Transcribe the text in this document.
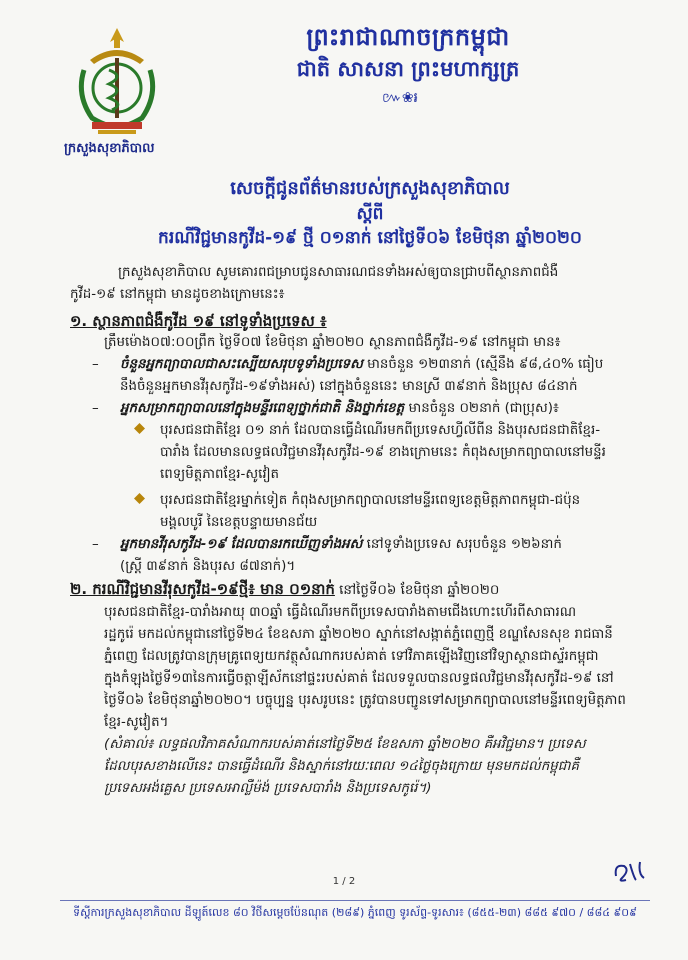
ក្រសួងសុខាភិបាល
ព្រះរាជាណាចក្រកម្ពុជា
ជាតិ សាសនា ព្រះមហាក្សត្រ
៚❀៛
សេចក្តីជូនព័ត៌មានរបស់ក្រសួងសុខាភិបាល
ស្តីពី
ករណីវិជ្ជមានកូវីដ-១៩ ថ្មី ០១នាក់ នៅថ្ងៃទី០៦ ខែមិថុនា ឆ្នាំ២០២០

ក្រសួងសុខាភិបាល សូមគោរពជម្រាបជូនសាធារណជនទាំងអស់ឲ្យបានជ្រាបពីស្ថានភាពជំងឺ

កូវីដ-១៩ នៅកម្ពុជា មានដូចខាងក្រោមនេះ៖

១. ស្ថានភាពជំងឺកូវីដ ១៩ នៅទូទាំងប្រទេស ៖

ត្រឹមម៉ោង០៧:០០ព្រឹក ថ្ងៃទី០៧ ខែមិថុនា ឆ្នាំ២០២០ ស្ថានភាពជំងឺកូវីដ-១៩ នៅកម្ពុជា មាន៖

– ចំនួនអ្នកព្យាបាលជាសះស្បើយសរុបទូទាំងប្រទេស មានចំនួន ១២៣នាក់ (ស្មើនឹង ៩៨,៤០% ធៀប
នឹងចំនួនអ្នកមានវីរុសកូវីដ-១៩ទាំងអស់) នៅក្នុងចំនួននេះ មានស្រី ៣៩នាក់ និងប្រុស ៨៤នាក់
– អ្នកសម្រាកព្យាបាលនៅក្នុងមន្ទីរពេទ្យថ្នាក់ជាតិ និងថ្នាក់ខេត្ត មានចំនួន ០២នាក់ (ជាប្រុស)៖
បុរសជនជាតិខ្មែរ ០១ នាក់ ដែលបានធ្វើដំណើរមកពីប្រទេសហ្វីលីពីន និងបុរសជនជាតិខ្មែរ-
បារាំង ដែលមានលទ្ធផលវិជ្ជមានវីរុសកូវីដ-១៩ ខាងក្រោមនេះ កំពុងសម្រាកព្យាបាលនៅមន្ទីរ
ពេទ្យមិត្តភាពខ្មែរ-សូវៀត
បុរសជនជាតិខ្មែរម្នាក់ទៀត កំពុងសម្រាកព្យាបាលនៅមន្ទីរពេទ្យខេត្តមិត្តភាពកម្ពុជា-ជប៉ុន
មង្គលបូរី នៃខេត្តបន្ទាយមានជ័យ
– អ្នកមានវីរុសកូវីដ-១៩ ដែលបានរកឃើញទាំងអស់ នៅទូទាំងប្រទេស សរុបចំនួន ១២៦នាក់
(ស្ត្រី ៣៩នាក់ និងបុរស ៨៧នាក់)។

២. ករណីវិជ្ជមានវីរុសកូវីដ-១៩ថ្មី៖ មាន ០១នាក់ នៅថ្ងៃទី០៦ ខែមិថុនា ឆ្នាំ២០២០

បុរសជនជាតិខ្មែរ-បារាំងអាយុ ៣០ឆ្នាំ ធ្វើដំណើរមកពីប្រទេសបារាំងតាមជើងហោះហើរពីសាធារណ

រដ្ឋកូរ៉េ មកដល់កម្ពុជានៅថ្ងៃទី២៤ ខែឧសភា ឆ្នាំ២០២០ ស្នាក់នៅសង្កាត់ភ្នំពេញថ្មី ខណ្ឌសែនសុខ រាជធានី

ភ្នំពេញ ដែលត្រូវបានក្រុមគ្រូពេទ្យយកវត្ថុសំណាករបស់គាត់ ទៅវិភាគឡើងវិញនៅវិទ្យាស្ថានជាស្ទ័រកម្ពុជា

ក្នុងកំឡុងថ្ងៃទី១៣នៃការធ្វើចត្តាឡីស័កនៅផ្ទះរបស់គាត់ ដែលទទួលបានលទ្ធផលវិជ្ជមានវីរុសកូវីដ-១៩ នៅ

ថ្ងៃទី០៦ ខែមិថុនាឆ្នាំ២០២០។ បច្ចុប្បន្ន បុរសរូបនេះ ត្រូវបានបញ្ជូនទៅសម្រាកព្យាបាលនៅមន្ទីរពេទ្យមិត្តភាព

ខ្មែរ-សូវៀត។

(សំគាល់៖ លទ្ធផលវិភាគសំណាករបស់គាត់នៅថ្ងៃទី២៥ ខែឧសភា ឆ្នាំ២០២០ គឺអវិជ្ជមាន។ ប្រទេស

ដែលបុរសខាងលើនេះ បានធ្វើដំណើរ និងស្នាក់នៅរយៈពេល ១៤ថ្ងៃចុងក្រោយ មុនមកដល់កម្ពុជាគឺ

ប្រទេសអង់គ្លេស ប្រទេសអាល្លឺម៉ង់ ប្រទេសបារាំង និងប្រទេសកូរ៉េ។)

1 / 2
ទីស្តីការក្រសួងសុខាភិបាល ដីឡូត៍លេខ ៨០ វិថីសម្តេចប៉ែនណុត (២៨៩) ភ្នំពេញ ទូរស័ព្ទ-ទូរសារ៖ (៨៥៥-២៣) ៨៨៥ ៩៧០ / ៨៨៤ ៩០៩
